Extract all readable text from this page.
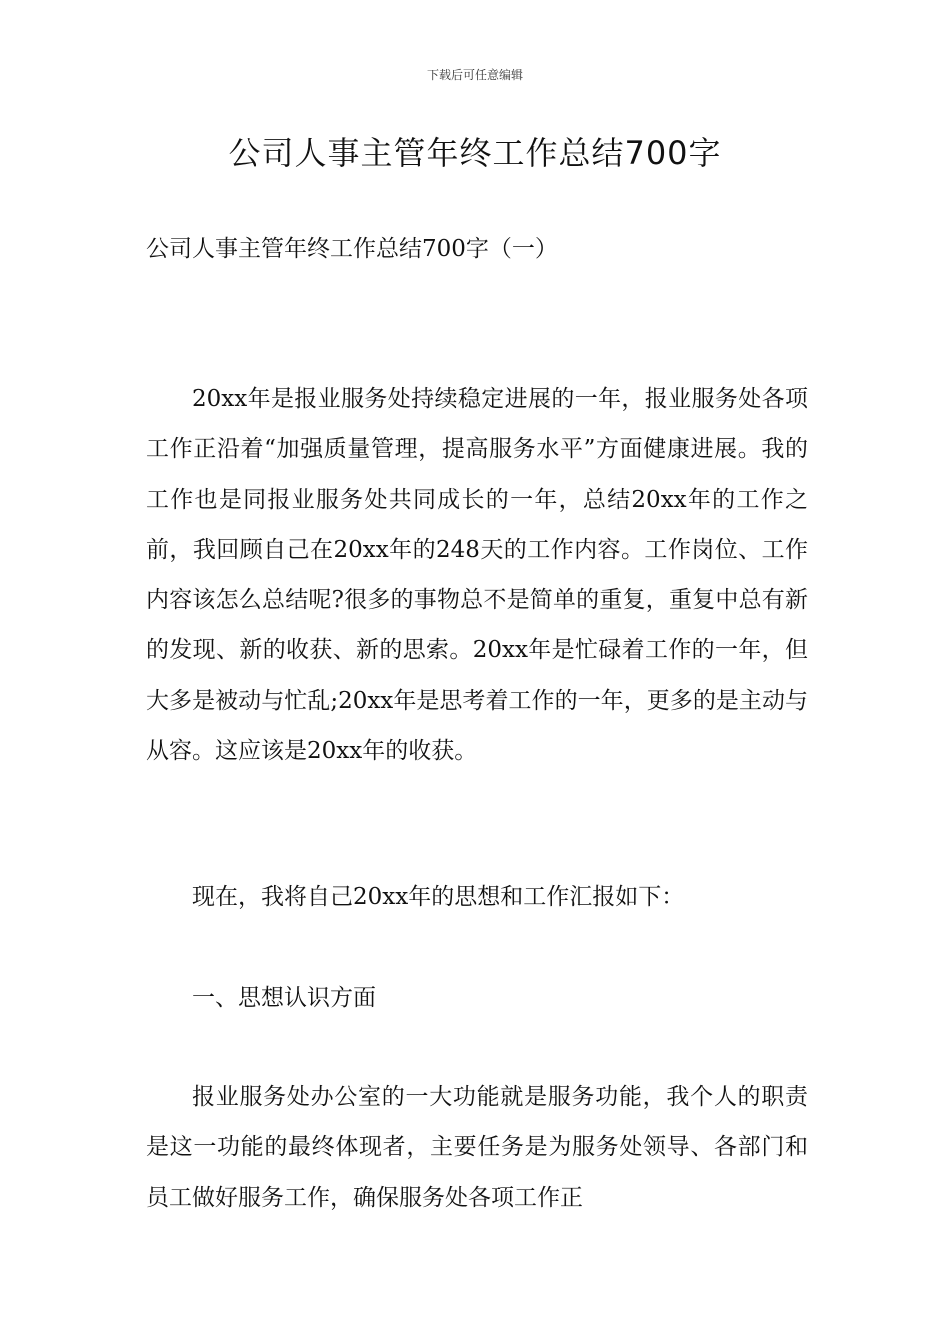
下载后可任意编辑
公司人事主管年终工作总结700字

公司人事主管年终工作总结700字（一）

20xx年是报业服务处持续稳定进展的一年，报业服务处各项工作正沿着“加强质量管理，提高服务水平”方面健康进展。我的工作也是同报业服务处共同成长的一年，总结20xx年的工作之前，我回顾自己在20xx年的248天的工作内容。工作岗位、工作内容该怎么总结呢?很多的事物总不是简单的重复，重复中总有新的发现、新的收获、新的思索。20xx年是忙碌着工作的一年，但大多是被动与忙乱;20xx年是思考着工作的一年，更多的是主动与从容。这应该是20xx年的收获。

现在，我将自己20xx年的思想和工作汇报如下：

一、思想认识方面

报业服务处办公室的一大功能就是服务功能，我个人的职责是这一功能的最终体现者，主要任务是为服务处领导、各部门和员工做好服务工作，确保服务处各项工作正
